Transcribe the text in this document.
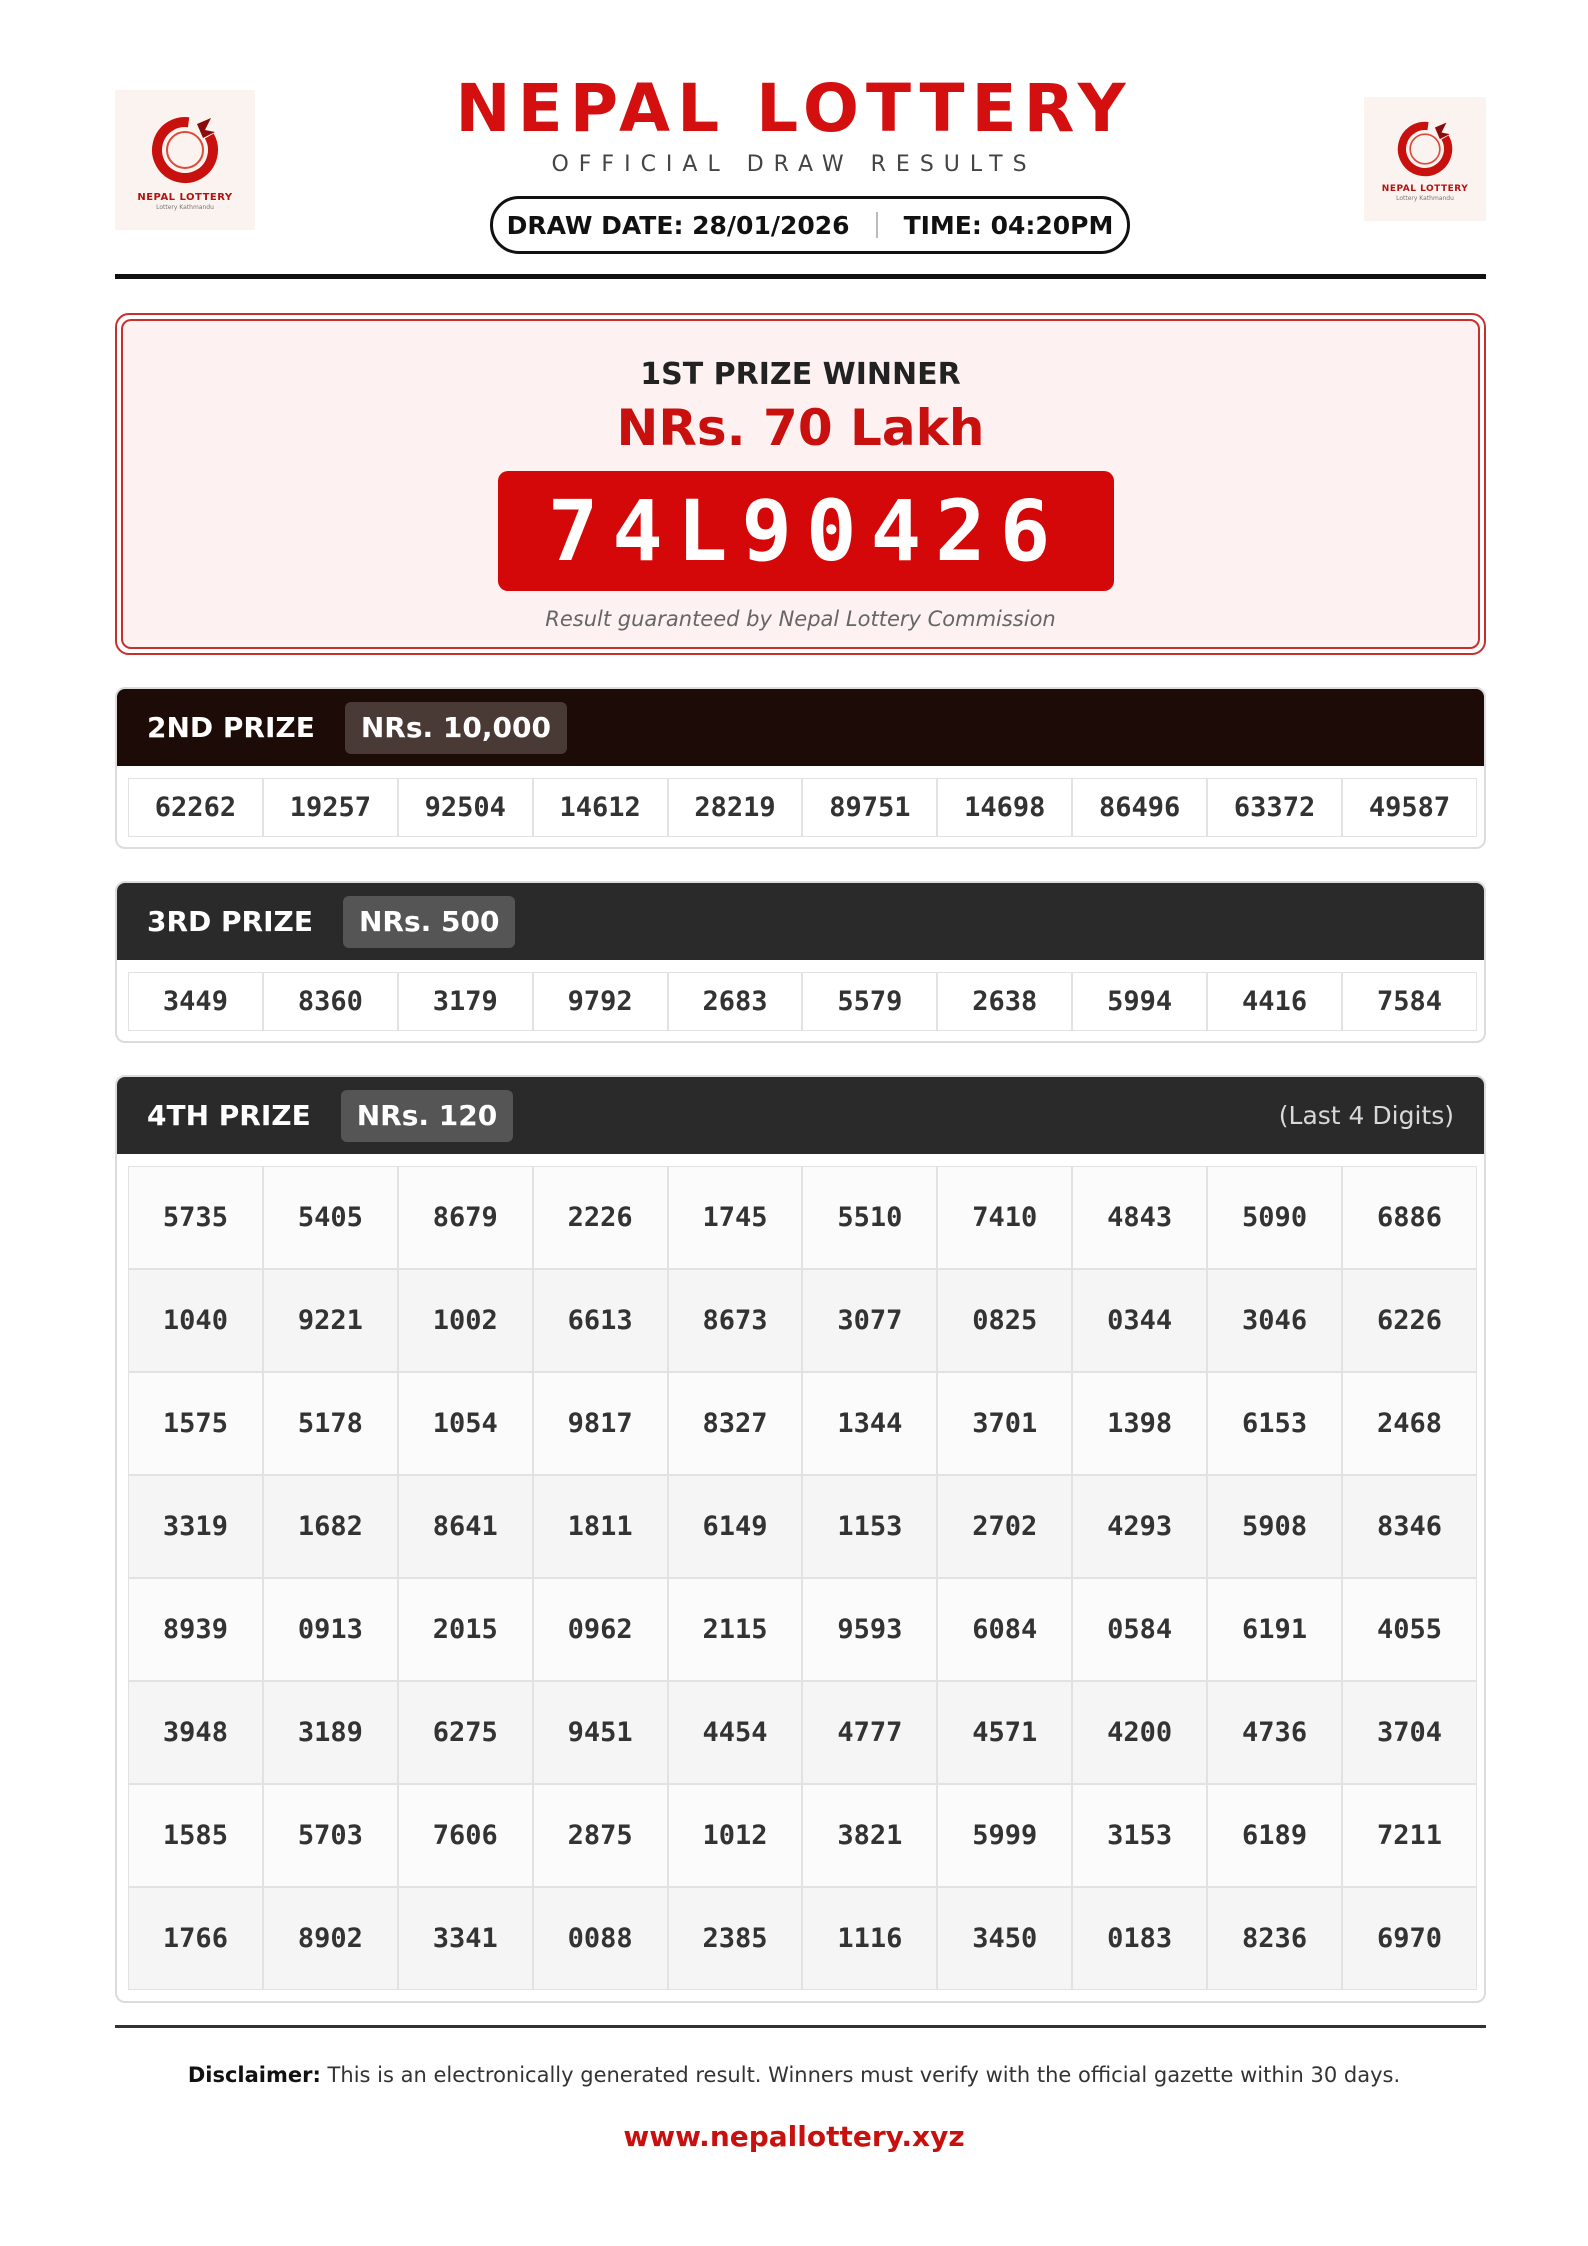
NEPAL LOTTERY
Lottery Kathmandu
NEPAL LOTTERY
Lottery Kathmandu
NEPAL LOTTERY
OFFICIAL DRAW RESULTS
DRAW DATE: 28/01/2026 TIME: 04:20PM
1ST PRIZE WINNER
NRs. 70 Lakh
74L90426
Result guaranteed by Nepal Lottery Commission
2ND PRIZE	NRs. 10,000
62262	19257	92504	14612	28219	89751	14698	86496	63372	49587
3RD PRIZE	NRs. 500
3449	8360	3179	9792	2683	5579	2638	5994	4416	7584
4TH PRIZE	NRs. 120	(Last 4 Digits)
5735	5405	8679	2226	1745	5510	7410	4843	5090	6886
1040	9221	1002	6613	8673	3077	0825	0344	3046	6226
1575	5178	1054	9817	8327	1344	3701	1398	6153	2468
3319	1682	8641	1811	6149	1153	2702	4293	5908	8346
8939	0913	2015	0962	2115	9593	6084	0584	6191	4055
3948	3189	6275	9451	4454	4777	4571	4200	4736	3704
1585	5703	7606	2875	1012	3821	5999	3153	6189	7211
1766	8902	3341	0088	2385	1116	3450	0183	8236	6970
Disclaimer: This is an electronically generated result. Winners must verify with the official gazette within 30 days.
www.nepallottery.xyz
